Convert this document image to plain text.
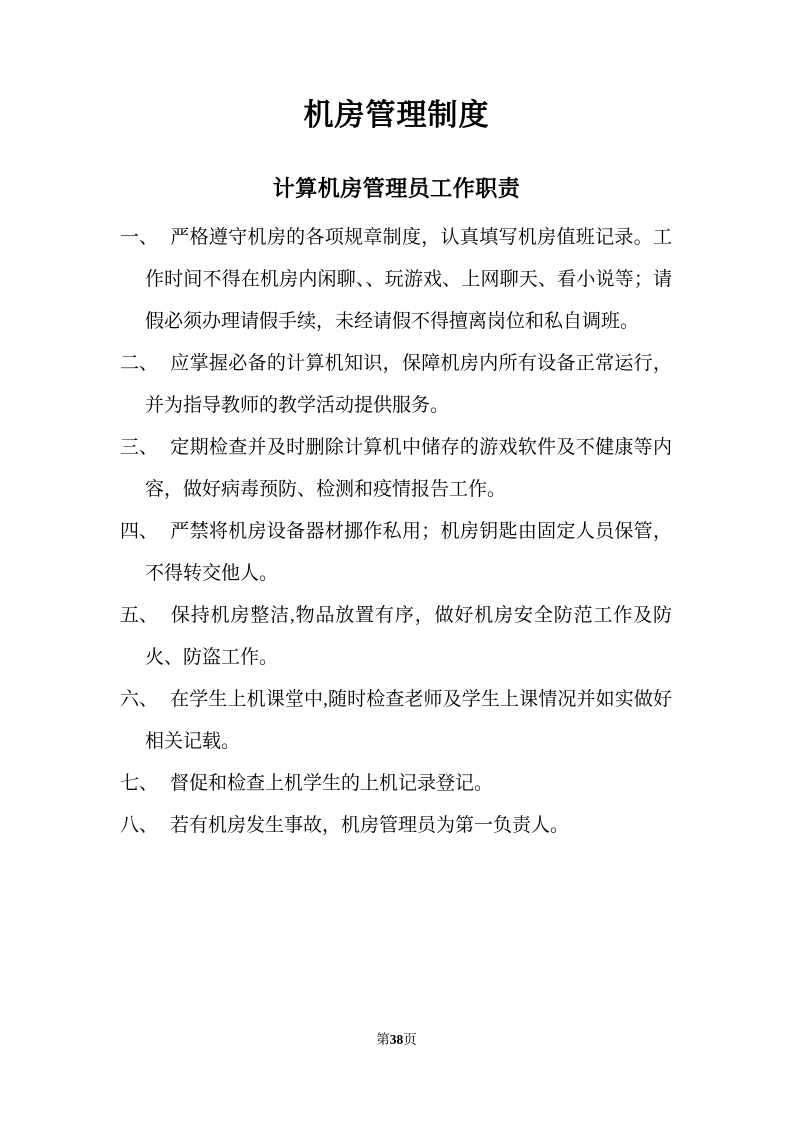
机房管理制度
计算机房管理员工作职责

一、 严格遵守机房的各项规章制度，认真填写机房值班记录。工作时间不得在机房内闲聊、、玩游戏、上网聊天、看小说等；请假必须办理请假手续，未经请假不得擅离岗位和私自调班。

二、 应掌握必备的计算机知识，保障机房内所有设备正常运行，并为指导教师的教学活动提供服务。

三、 定期检查并及时删除计算机中储存的游戏软件及不健康等内容，做好病毒预防、检测和疫情报告工作。

四、 严禁将机房设备器材挪作私用；机房钥匙由固定人员保管，不得转交他人。

五、 保持机房整洁,物品放置有序，做好机房安全防范工作及防火、防盗工作。

六、 在学生上机课堂中,随时检查老师及学生上课情况并如实做好相关记载。

七、 督促和检查上机学生的上机记录登记。

八、 若有机房发生事故，机房管理员为第一负责人。

第38页
